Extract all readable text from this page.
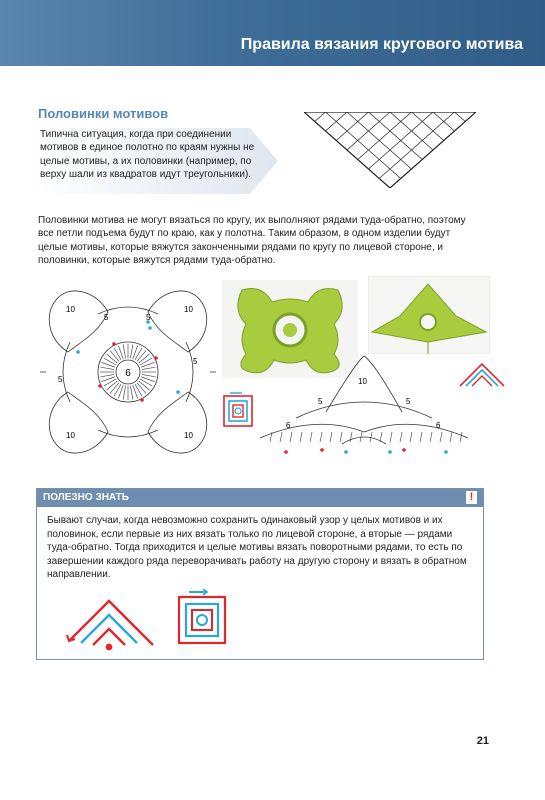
Правила вязания кругового мотива
Половинки мотивов
Типична ситуация, когда при соединении мотивов в единое полотно по краям нужны не целые мотивы, а их половинки (например, по верху шали из квадратов идут треугольники).
Половинки мотива не могут вязаться по кругу, их выполняют рядами туда-обратно, поэтому все петли подъема будут по краю, как у полотна. Таким образом, в одном изделии будут целые мотивы, которые вяжутся законченными рядами по кругу по лицевой стороне, и половинки, которые вяжутся рядами туда-обратно.
6
5	5
5
5
10	10
10	10
10
5	5
6	6
ПОЛЕЗНО ЗНАТЬ	!
Бывают случаи, когда невозможно сохранить одинаковый узор у целых мотивов и их половинок, если первые из них вязать только по лицевой стороне, а вторые — рядами туда-обратно. Тогда приходится и целые мотивы вязать поворотными рядами, то есть по завершении каждого ряда переворачивать работу на другую сторону и вязать в обратном направлении.
21
